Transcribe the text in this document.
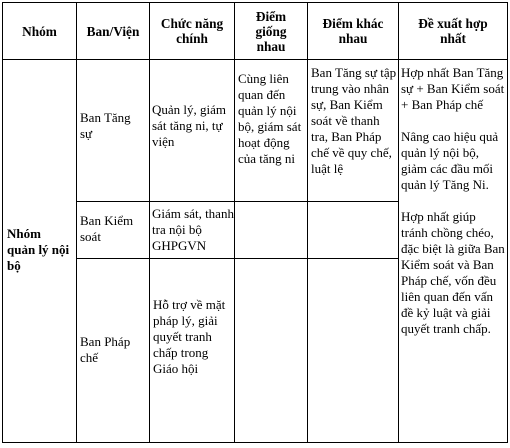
Nhóm Ban/Viện	Chức năng chính
Điểm giống nhau
Điểm khác nhau
Đề xuất hợp nhất
Nhóm quản lý nội bộ
Ban Tăng sự
Quản lý, giám sát tăng ni, tự viện
Cùng liên quan đến quản lý nội bộ, giám sát hoạt động của tăng ni
Ban Tăng sự tập trung vào nhân sự, Ban Kiểm soát về thanh tra, Ban Pháp chế về quy chế, luật lệ
Hợp nhất Ban Tăng sự + Ban Kiểm soát + Ban Pháp chế
Nâng cao hiệu quả quản lý nội bộ, giảm các đầu mối quản lý Tăng Ni.
Hợp nhất giúp tránh chồng chéo, đặc biệt là giữa Ban Kiểm soát và Ban Pháp chế, vốn đều liên quan đến vấn đề kỷ luật và giải quyết tranh chấp.
Ban Kiểm soát
Giám sát, thanh tra nội bộ GHPGVN
Ban Pháp chế
Hỗ trợ về mặt pháp lý, giải quyết tranh chấp trong Giáo hội
